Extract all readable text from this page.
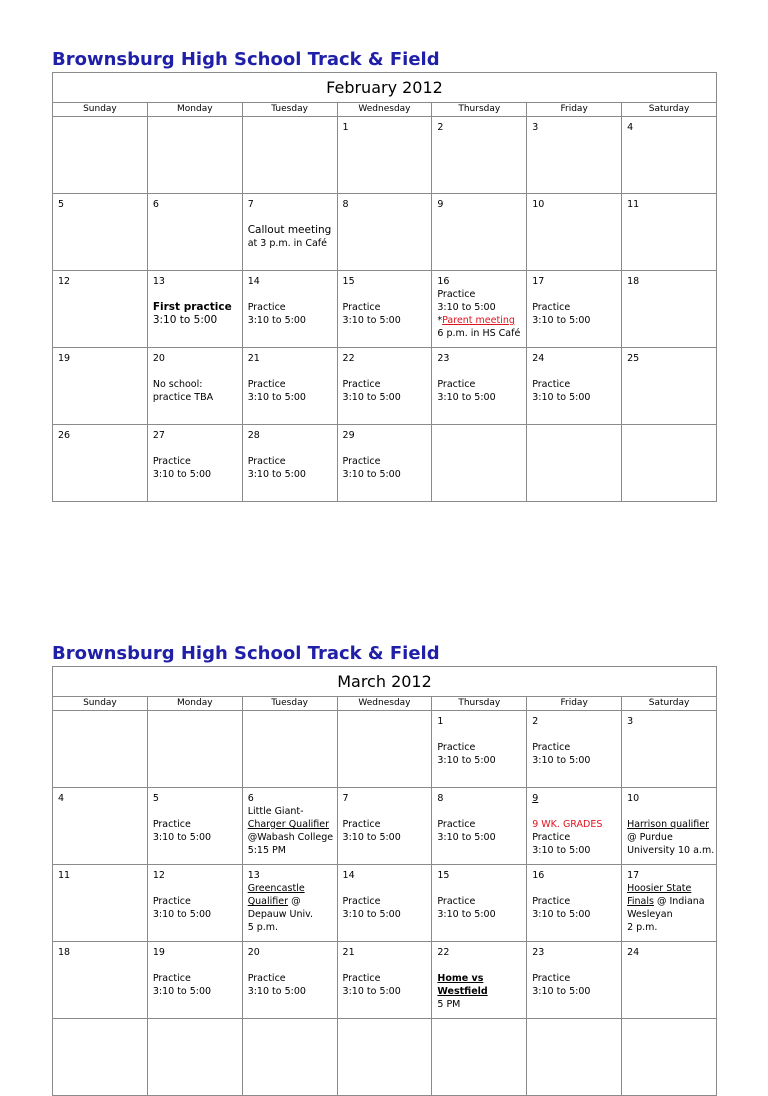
Brownsburg High School Track & Field
February 2012						
Sunday	Monday	Tuesday	Wednesday	Thursday	Friday	Saturday

			1	2	3	4

5	6	7
Callout meeting
at 3 p.m. in Café	8	9	10	11

12	13
First practice
3:10 to 5:00	14
Practice
3:10 to 5:00	15
Practice
3:10 to 5:00	16
Practice
3:10 to 5:00
*Parent meeting
6 p.m. in HS Café	17
Practice
3:10 to 5:00	18

19	20
No school:
practice TBA	21
Practice
3:10 to 5:00	22
Practice
3:10 to 5:00	23
Practice
3:10 to 5:00	24
Practice
3:10 to 5:00	25

26	27
Practice
3:10 to 5:00	28
Practice
3:10 to 5:00	29
Practice
3:10 to 5:00			

Brownsburg High School Track & Field
March 2012						
Sunday	Monday	Tuesday	Wednesday	Thursday	Friday	Saturday

				1
Practice
3:10 to 5:00	2
Practice
3:10 to 5:00	3

4	5
Practice
3:10 to 5:00	6
Little Giant-
Charger Qualifier
@Wabash College
5:15 PM	7
Practice
3:10 to 5:00	8
Practice
3:10 to 5:00	9
9 WK. GRADES
Practice
3:10 to 5:00	10
Harrison qualifier
@ Purdue
University 10 a.m.

11	12
Practice
3:10 to 5:00	13
Greencastle
Qualifier @
Depauw Univ.
5 p.m.	14
Practice
3:10 to 5:00	15
Practice
3:10 to 5:00	16
Practice
3:10 to 5:00	17
Hoosier State
Finals @ Indiana
Wesleyan
2 p.m.

18	19
Practice
3:10 to 5:00	20
Practice
3:10 to 5:00	21
Practice
3:10 to 5:00	22
Home vs
Westfield
5 PM	23
Practice
3:10 to 5:00	24
